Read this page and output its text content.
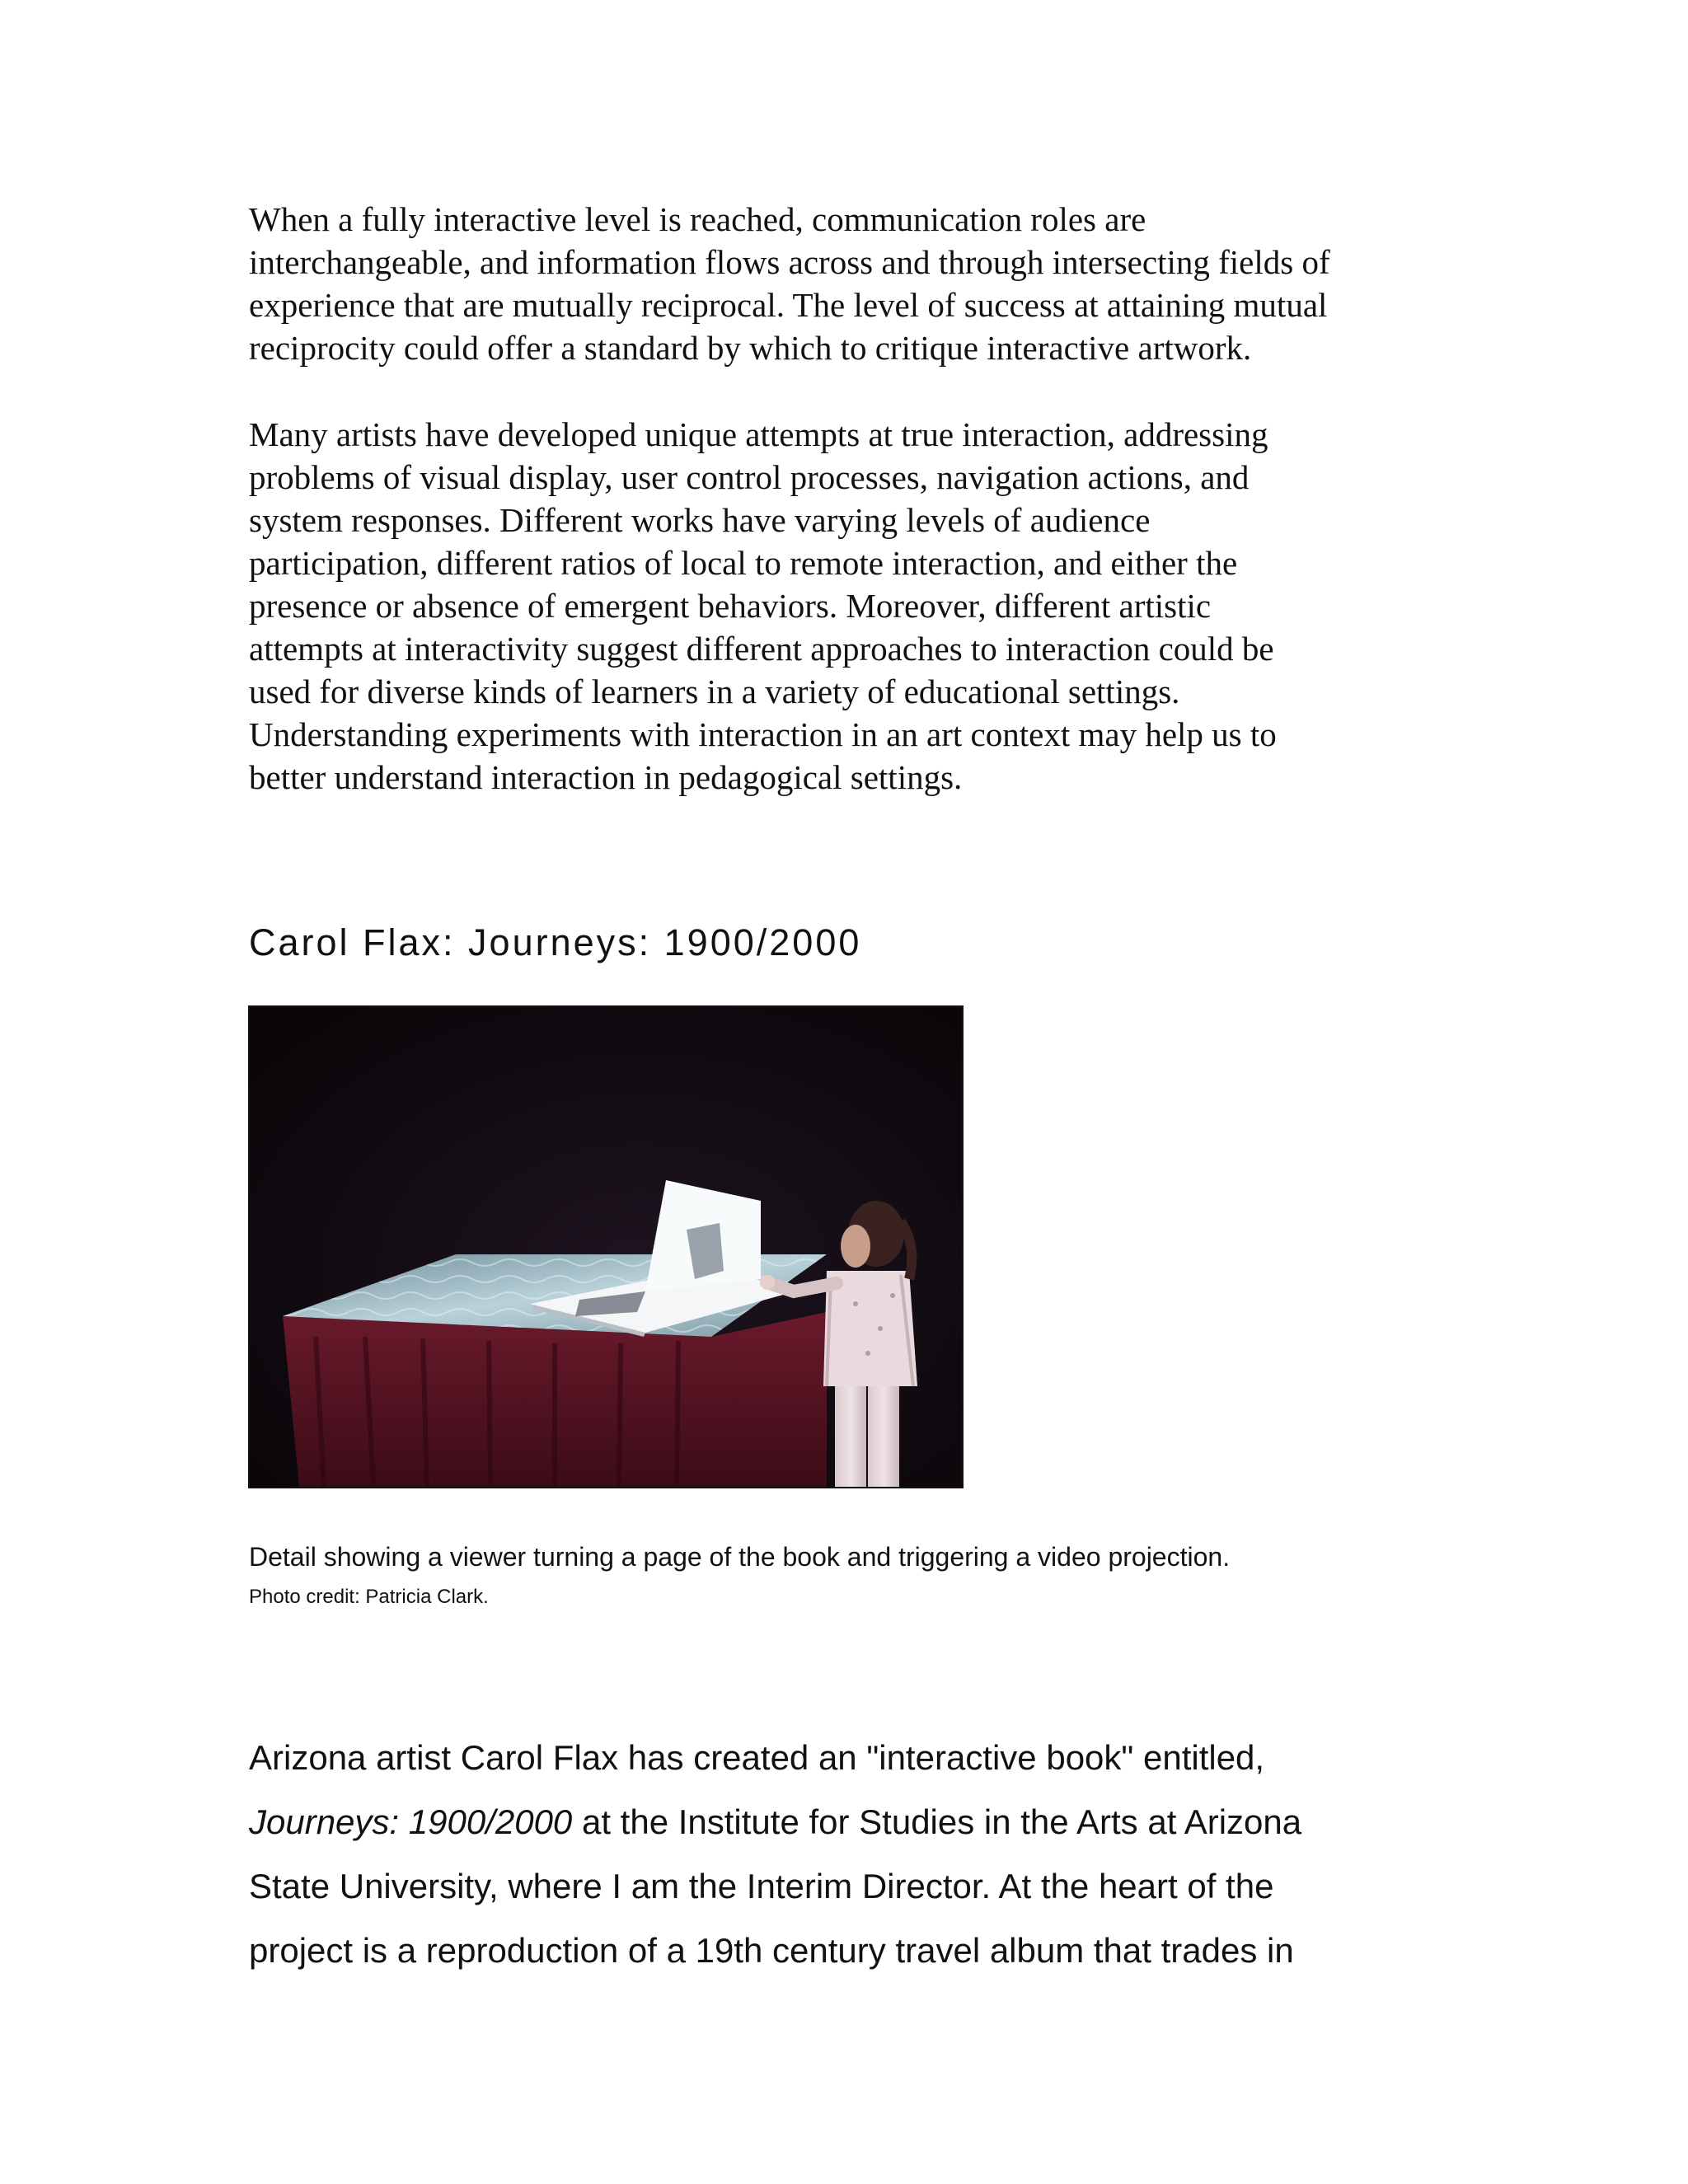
When a fully interactive level is reached, communication roles are
interchangeable, and information flows across and through intersecting fields of
experience that are mutually reciprocal. The level of success at attaining mutual
reciprocity could offer a standard by which to critique interactive artwork.

Many artists have developed unique attempts at true interaction, addressing
problems of visual display, user control processes, navigation actions, and
system responses. Different works have varying levels of audience
participation, different ratios of local to remote interaction, and either the
presence or absence of emergent behaviors. Moreover, different artistic
attempts at interactivity suggest different approaches to interaction could be
used for diverse kinds of learners in a variety of educational settings.
Understanding experiments with interaction in an art context may help us to
better understand interaction in pedagogical settings.

Carol Flax: Journeys: 1900/2000

Detail showing a viewer turning a page of the book and triggering a video projection.

Photo credit: Patricia Clark.

Arizona artist Carol Flax has created an "interactive book" entitled,
Journeys: 1900/2000 at the Institute for Studies in the Arts at Arizona
State University, where I am the Interim Director. At the heart of the
project is a reproduction of a 19th century travel album that trades in
